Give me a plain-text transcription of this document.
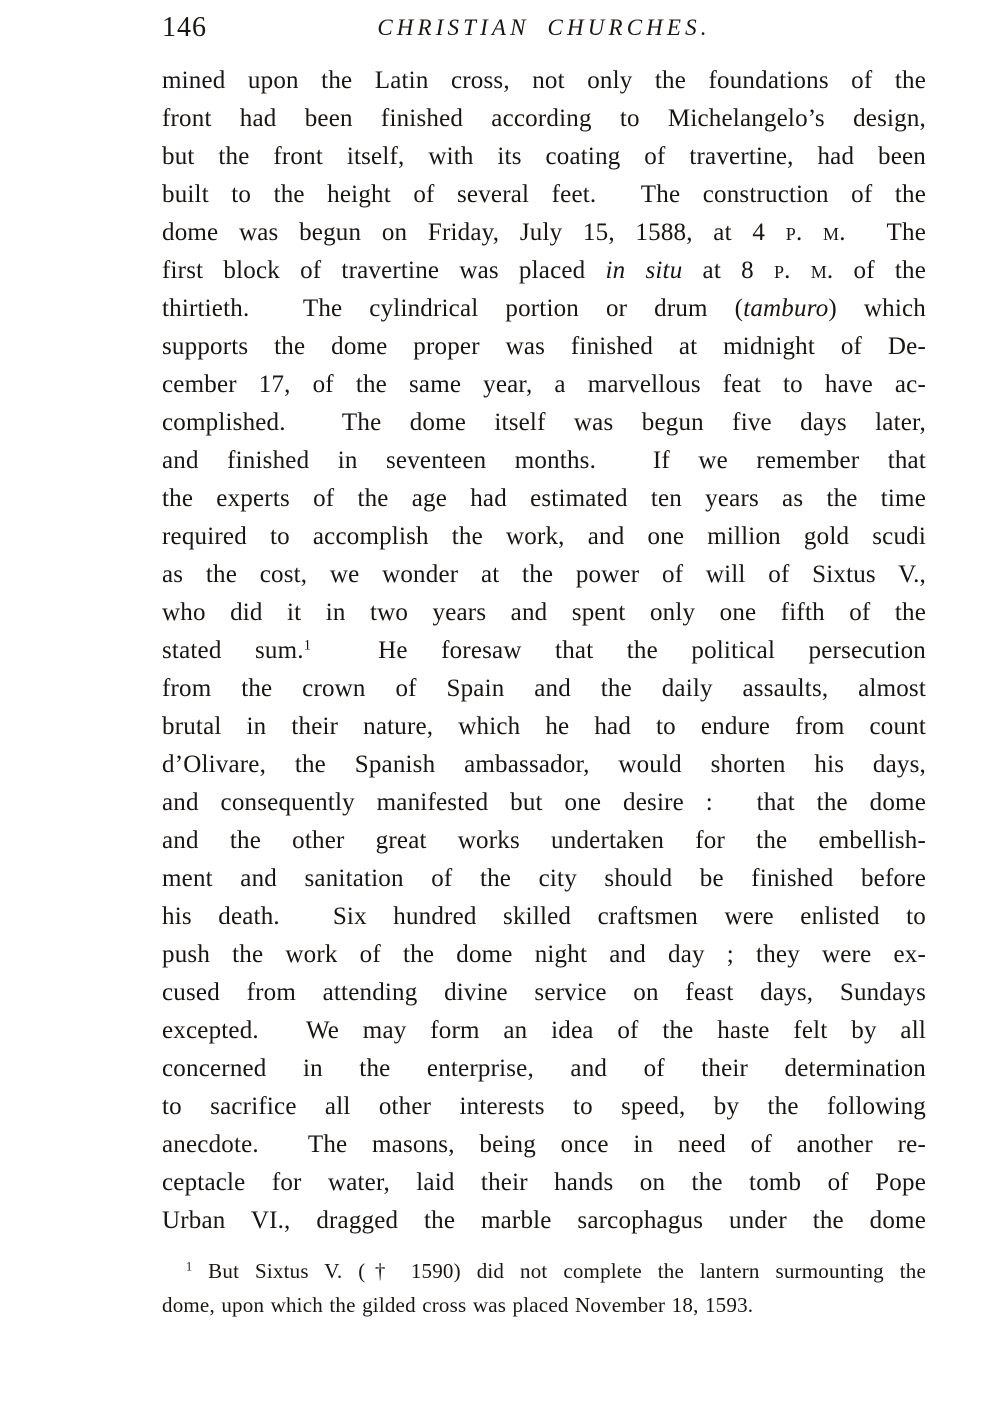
146	CHRISTIAN CHURCHES.
mined upon the Latin cross, not only the foundations of the
front had been finished according to Michelangelo’s design,
but the front itself, with its coating of travertine, had been
built to the height of several feet.  The construction of the
dome was begun on Friday, July 15, 1588, at 4 p. m.  The
first block of travertine was placed in situ at 8 p. m. of the
thirtieth.  The cylindrical portion or drum (tamburo) which
supports the dome proper was finished at midnight of De-
cember 17, of the same year, a marvellous feat to have ac-
complished.  The dome itself was begun five days later,
and finished in seventeen months.  If we remember that
the experts of the age had estimated ten years as the time
required to accomplish the work, and one million gold scudi
as the cost, we wonder at the power of will of Sixtus V.,
who did it in two years and spent only one fifth of the
stated sum.$^1$  He foresaw that the political persecution
from the crown of Spain and the daily assaults, almost
brutal in their nature, which he had to endure from count
d’Olivare, the Spanish ambassador, would shorten his days,
and consequently manifested but one desire :  that the dome
and the other great works undertaken for the embellish-
ment and sanitation of the city should be finished before
his death.  Six hundred skilled craftsmen were enlisted to
push the work of the dome night and day ; they were ex-
cused from attending divine service on feast days, Sundays
excepted.  We may form an idea of the haste felt by all
concerned in the enterprise, and of their determination
to sacrifice all other interests to speed, by the following
anecdote.  The masons, being once in need of another re-
ceptacle for water, laid their hands on the tomb of Pope
Urban VI., dragged the marble sarcophagus under the dome
$^1$ But Sixtus V. († 1590) did not complete the lantern surmounting the
dome, upon which the gilded cross was placed November 18, 1593.
